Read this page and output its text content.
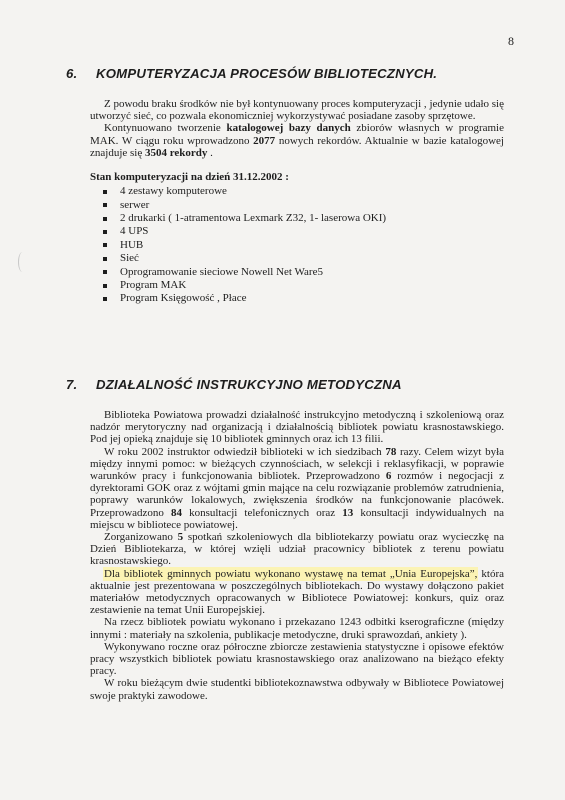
8
6. KOMPUTERYZACJA PROCESÓW BIBLIOTECZNYCH.

Z powodu braku środków nie był kontynuowany proces komputeryzacji , jedynie udało się utworzyć sieć, co pozwala ekonomiczniej wykorzystywać posiadane zasoby sprzętowe.

Kontynuowano tworzenie katalogowej bazy danych zbiorów własnych w programie MAK. W ciągu roku wprowadzono 2077 nowych rekordów. Aktualnie w bazie katalogowej znajduje się 3504 rekordy .

Stan komputeryzacji na dzień 31.12.2002 :
4 zestawy komputerowe
serwer
2 drukarki ( 1-atramentowa Lexmark Z32, 1- laserowa OKI)
4 UPS
HUB
Sieć
Oprogramowanie sieciowe Nowell Net Ware5
Program MAK
Program Księgowość , Płace
7. DZIAŁALNOŚĆ INSTRUKCYJNO METODYCZNA

Biblioteka Powiatowa prowadzi działalność instrukcyjno metodyczną i szkoleniową oraz nadzór merytoryczny nad organizacją i działalnością bibliotek powiatu krasnostawskiego. Pod jej opieką znajduje się 10 bibliotek gminnych oraz ich 13 filii.

W roku 2002 instruktor odwiedził biblioteki w ich siedzibach 78 razy. Celem wizyt była między innymi pomoc: w bieżących czynnościach, w selekcji i reklasyfikacji, w poprawie warunków pracy i funkcjonowania bibliotek. Przeprowadzono 6 rozmów i negocjacji z dyrektorami GOK oraz z wójtami gmin mające na celu rozwiązanie problemów zatrudnienia, poprawy warunków lokalowych, zwiększenia środków na funkcjonowanie placówek. Przeprowadzono 84 konsultacji telefonicznych oraz 13 konsultacji indywidualnych na miejscu w bibliotece powiatowej.

Zorganizowano 5 spotkań szkoleniowych dla bibliotekarzy powiatu oraz wycieczkę na Dzień Bibliotekarza, w której wzięli udział pracownicy bibliotek z terenu powiatu krasnostawskiego.

Dla bibliotek gminnych powiatu wykonano wystawę na temat „Unia Europejska”, która aktualnie jest prezentowana w poszczególnych bibliotekach. Do wystawy dołączono pakiet materiałów metodycznych opracowanych w Bibliotece Powiatowej: konkurs, quiz oraz zestawienie na temat Unii Europejskiej.

Na rzecz bibliotek powiatu wykonano i przekazano 1243 odbitki kserograficzne (między innymi : materiały na szkolenia, publikacje metodyczne, druki sprawozdań, ankiety ).

Wykonywano roczne oraz półroczne zbiorcze zestawienia statystyczne i opisowe efektów pracy wszystkich bibliotek powiatu krasnostawskiego oraz analizowano na bieżąco efekty pracy.

W roku bieżącym dwie studentki bibliotekoznawstwa odbywały w Bibliotece Powiatowej swoje praktyki zawodowe.
